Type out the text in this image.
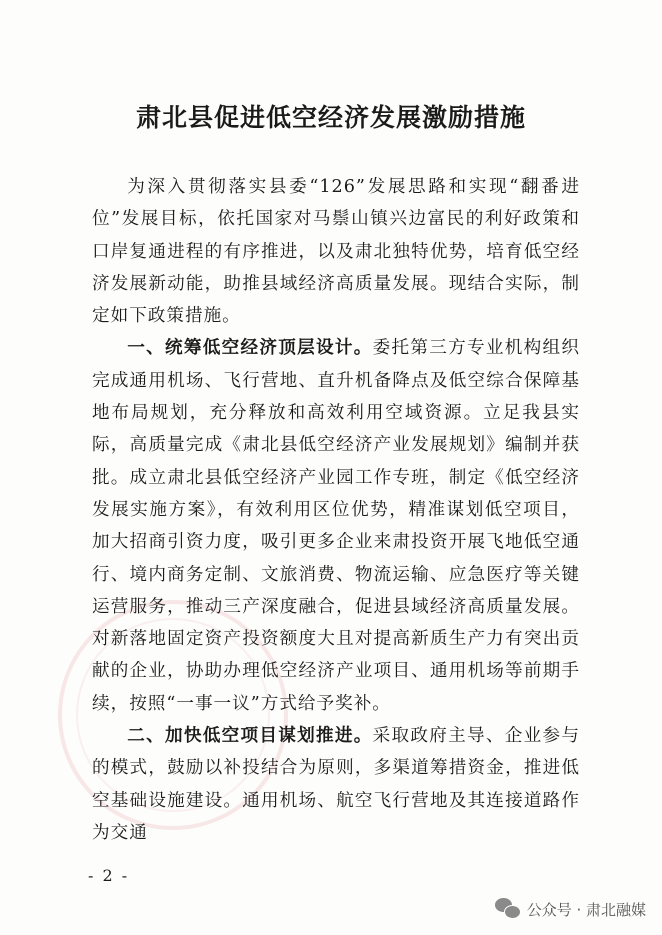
肃北县促进低空经济发展激励措施

为深入贯彻落实县委“126”发展思路和实现“翻番进位”发展目标，依托国家对马鬃山镇兴边富民的利好政策和口岸复通进程的有序推进，以及肃北独特优势，培育低空经济发展新动能，助推县域经济高质量发展。现结合实际，制定如下政策措施。

一、统筹低空经济顶层设计。委托第三方专业机构组织完成通用机场、飞行营地、直升机备降点及低空综合保障基地布局规划，充分释放和高效利用空域资源。立足我县实际，高质量完成《肃北县低空经济产业发展规划》编制并获批。成立肃北县低空经济产业园工作专班，制定《低空经济发展实施方案》，有效利用区位优势，精准谋划低空项目，加大招商引资力度，吸引更多企业来肃投资开展飞地低空通行、境内商务定制、文旅消费、物流运输、应急医疗等关键运营服务，推动三产深度融合，促进县域经济高质量发展。对新落地固定资产投资额度大且对提高新质生产力有突出贡献的企业，协助办理低空经济产业项目、通用机场等前期手续，按照“一事一议”方式给予奖补。

二、加快低空项目谋划推进。采取政府主导、企业参与的模式，鼓励以补投结合为原则，多渠道筹措资金，推进低空基础设施建设。通用机场、航空飞行营地及其连接道路作为交通

- 2 -
公众号 · 肃北融媒
